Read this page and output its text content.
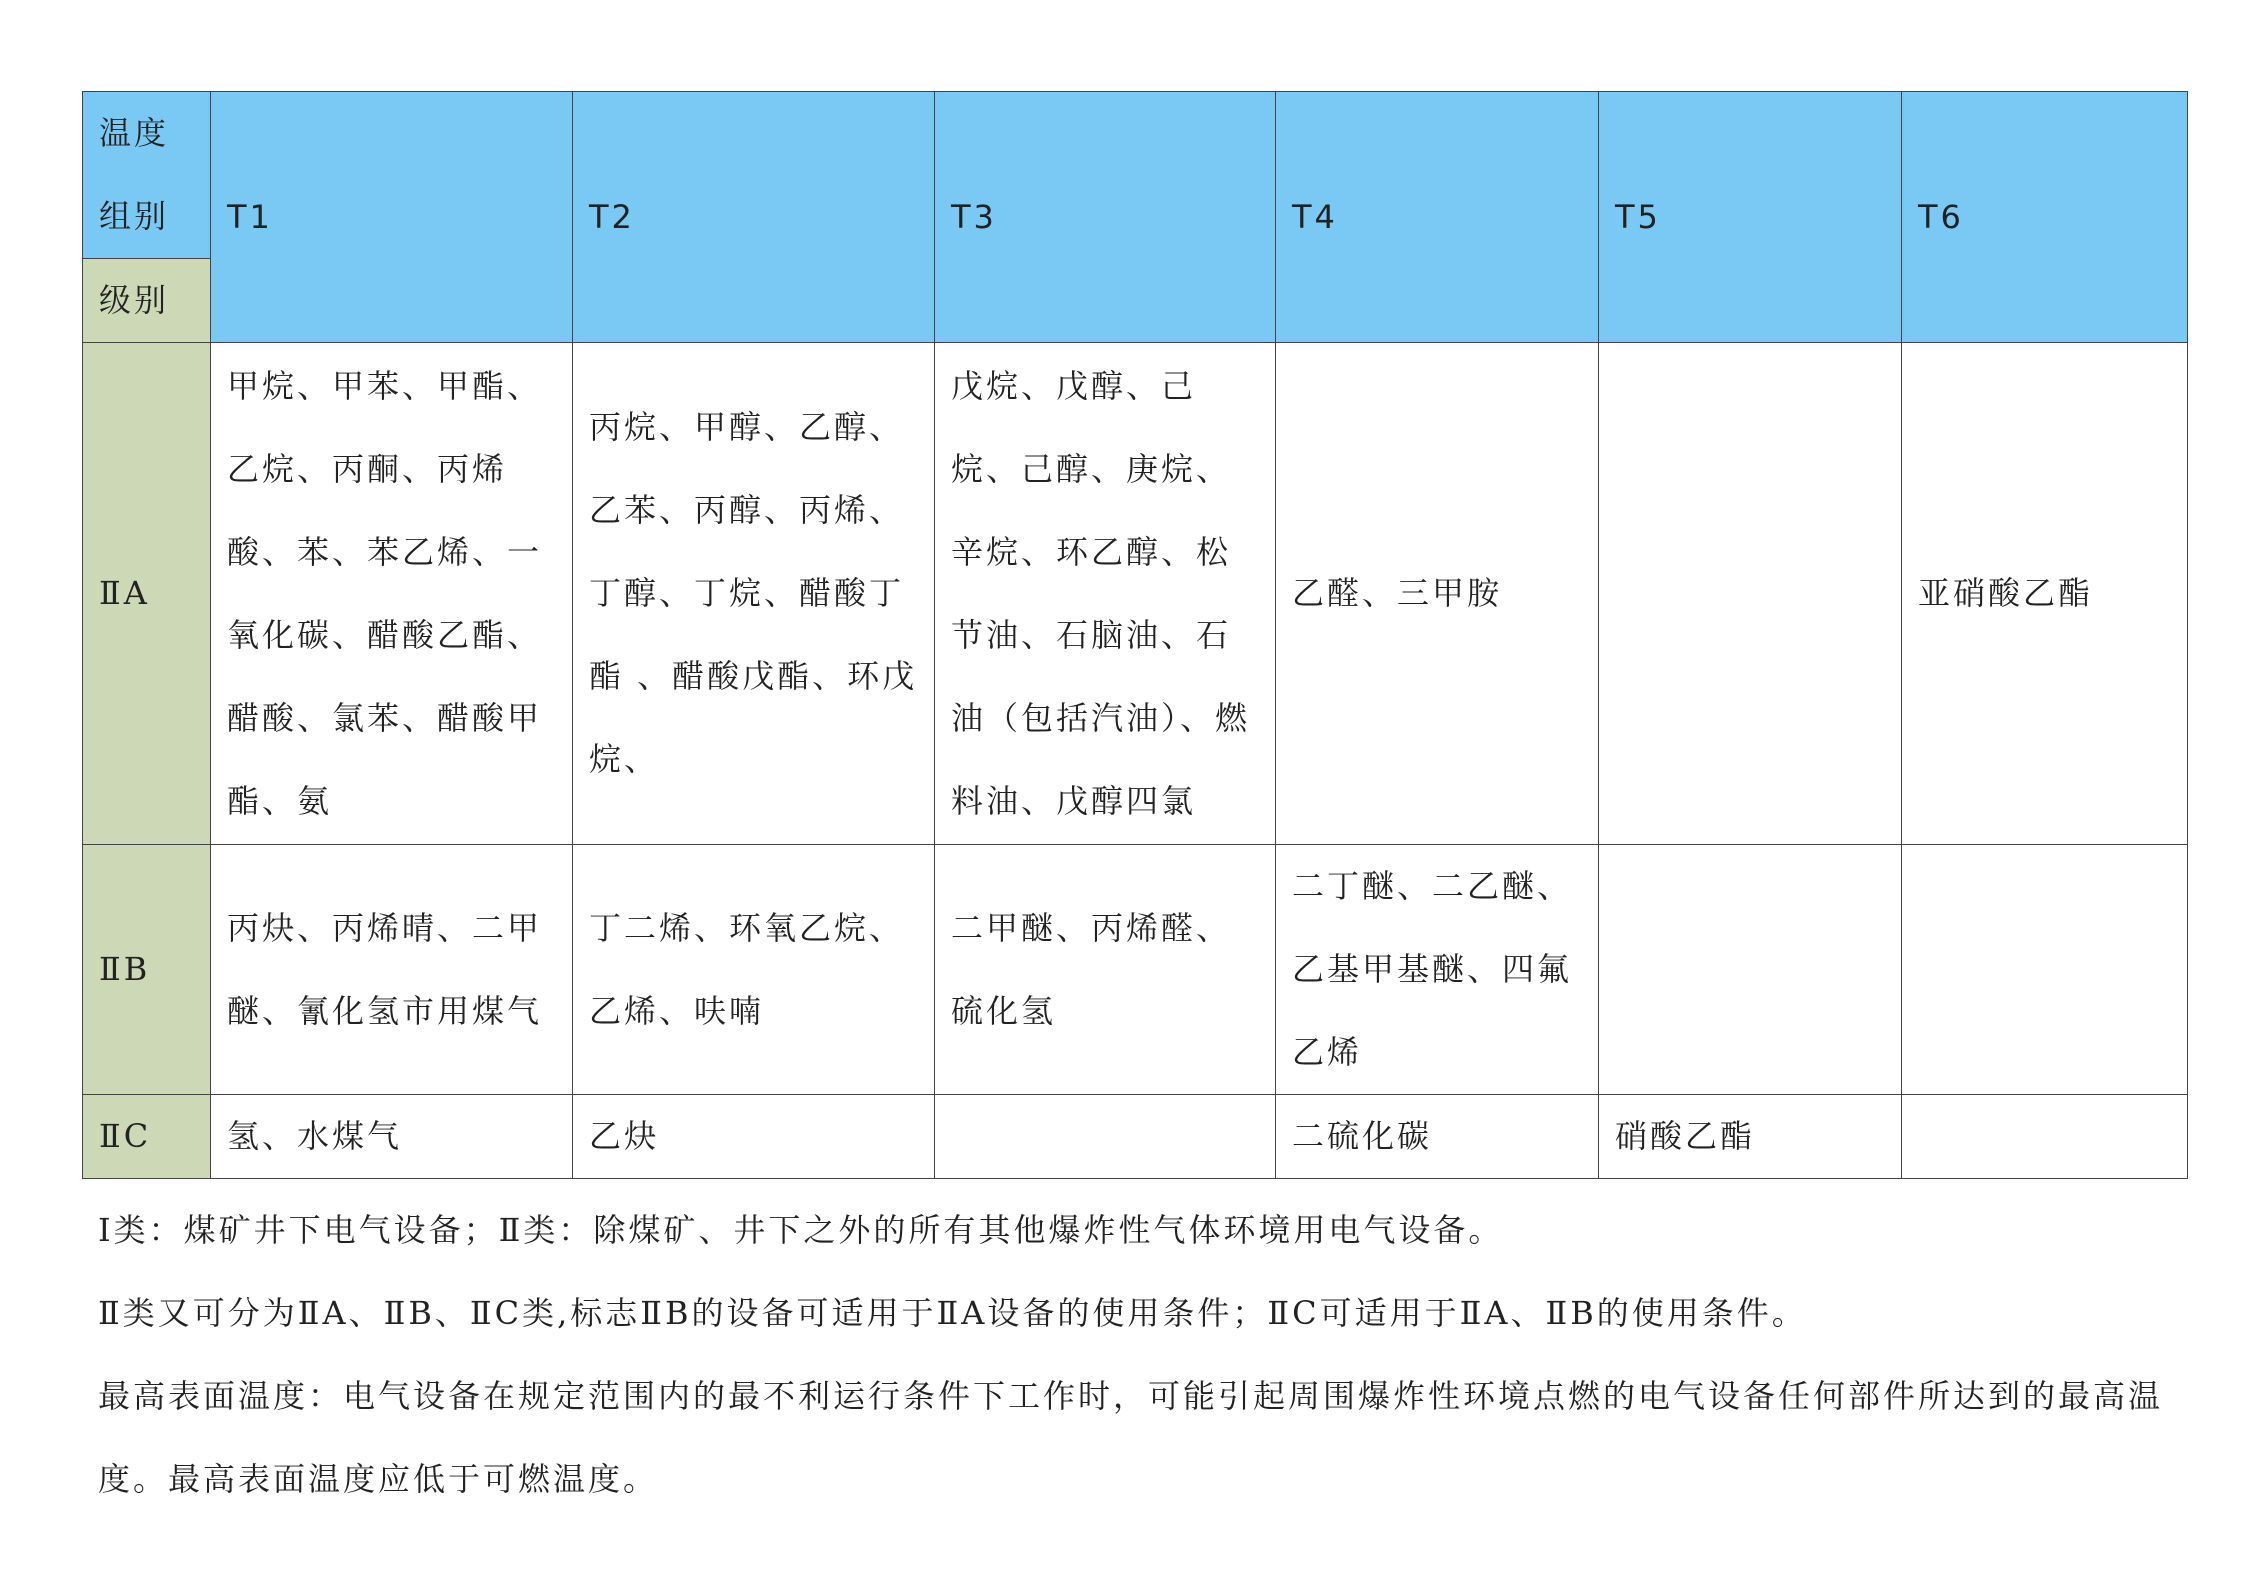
温度组别	T1	T2	T3	T4	T5	T6
级别						
ⅡA	甲烷、甲苯、甲酯、乙烷、丙酮、丙烯酸、苯、苯乙烯、一氧化碳、醋酸乙酯、醋酸、氯苯、醋酸甲酯、氨	丙烷、甲醇、乙醇、乙苯、丙醇、丙烯、丁醇、丁烷、醋酸丁酯 、醋酸戊酯、环戊烷、	戊烷、戊醇、己烷、己醇、庚烷、辛烷、环乙醇、松节油、石脑油、石油（包括汽油）、燃料油、戊醇四氯	乙醛、三甲胺		亚硝酸乙酯
ⅡB	丙炔、丙烯晴、二甲醚、氰化氢市用煤气	丁二烯、环氧乙烷、乙烯、呋喃	二甲醚、丙烯醛、硫化氢	二丁醚、二乙醚、乙基甲基醚、四氟乙烯		
ⅡC	氢、水煤气	乙炔		二硫化碳	硝酸乙酯	

Ⅰ类：煤矿井下电气设备；Ⅱ类：除煤矿、井下之外的所有其他爆炸性气体环境用电气设备。

Ⅱ类又可分为ⅡA、ⅡB、ⅡC类,标志ⅡB的设备可适用于ⅡA设备的使用条件；ⅡC可适用于ⅡA、ⅡB的使用条件。

最高表面温度：电气设备在规定范围内的最不利运行条件下工作时，可能引起周围爆炸性环境点燃的电气设备任何部件所达到的最高温度。最高表面温度应低于可燃温度。
